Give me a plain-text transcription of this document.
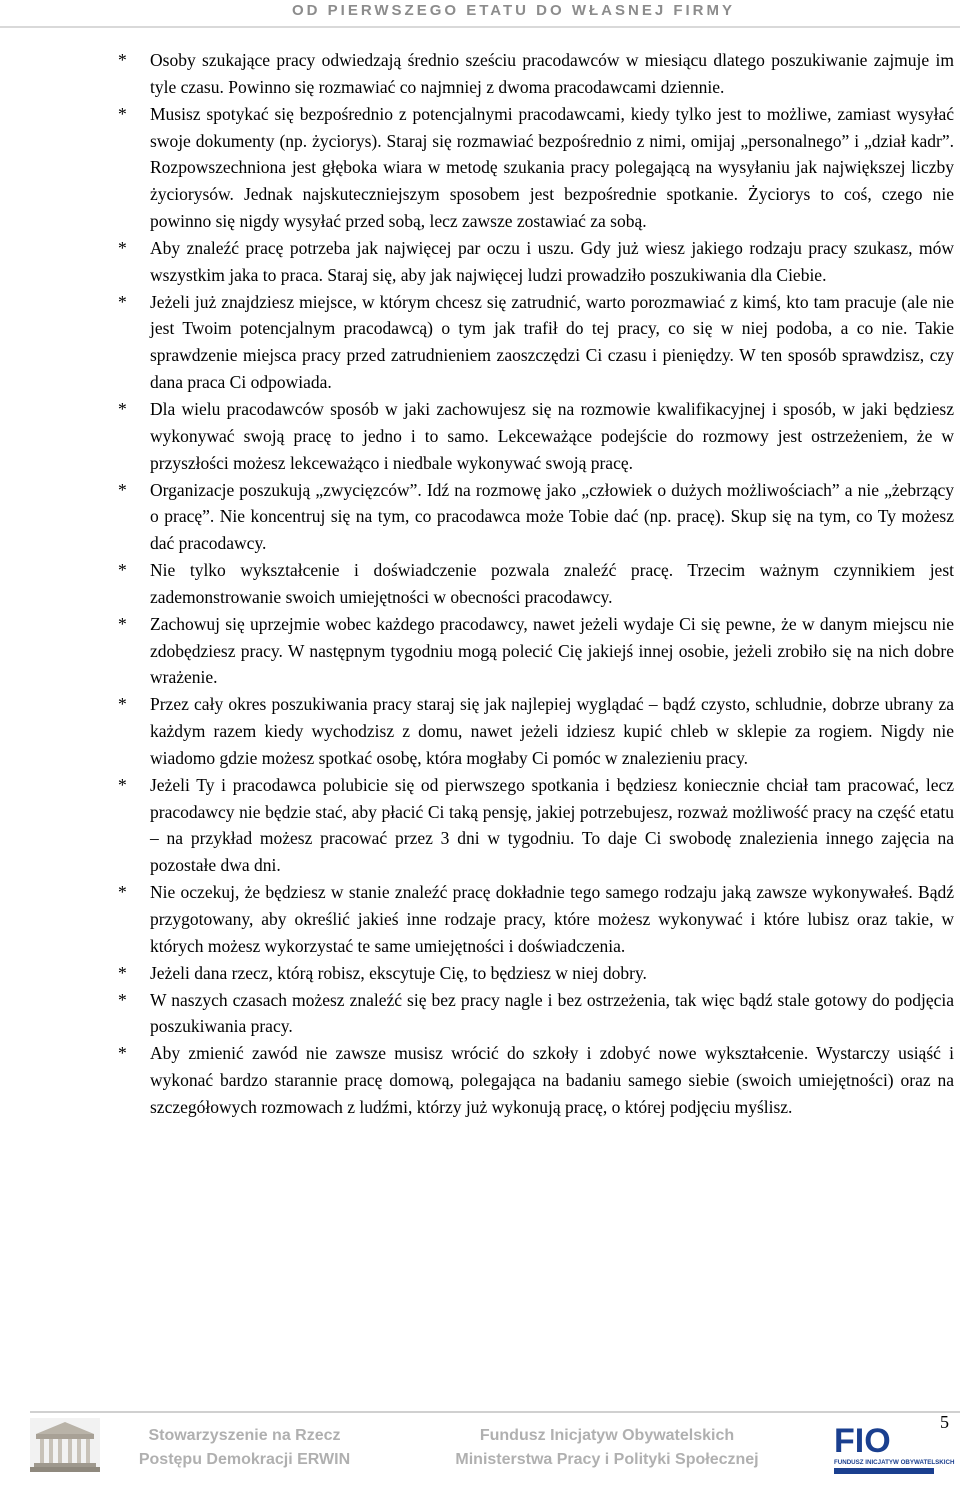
OD PIERWSZEGO ETATU DO WŁASNEJ FIRMY
* Osoby szukające pracy odwiedzają średnio sześciu pracodawców w miesiącu dlatego poszukiwanie zajmuje im tyle czasu. Powinno się rozmawiać co najmniej z dwoma pracodawcami dziennie.
* Musisz spotykać się bezpośrednio z potencjalnymi pracodawcami, kiedy tylko jest to możliwe, zamiast wysyłać swoje dokumenty (np. życiorys). Staraj się rozmawiać bezpośrednio z nimi, omijaj „personalnego” i „dział kadr”. Rozpowszechniona jest głęboka wiara w metodę szukania pracy polegającą na wysyłaniu jak największej liczby życiorysów. Jednak najskuteczniejszym sposobem jest bezpośrednie spotkanie. Życiorys to coś, czego nie powinno się nigdy wysyłać przed sobą, lecz zawsze zostawiać za sobą.
* Aby znaleźć pracę potrzeba jak najwięcej par oczu i uszu. Gdy już wiesz jakiego rodzaju pracy szukasz, mów wszystkim jaka to praca. Staraj się, aby jak najwięcej ludzi prowadziło poszukiwania dla Ciebie.
* Jeżeli już znajdziesz miejsce, w którym chcesz się zatrudnić, warto porozmawiać z kimś, kto tam pracuje (ale nie jest Twoim potencjalnym pracodawcą) o tym jak trafił do tej pracy, co się w niej podoba, a co nie. Takie sprawdzenie miejsca pracy przed zatrudnieniem zaoszczędzi Ci czasu i pieniędzy. W ten sposób sprawdzisz, czy dana praca Ci odpowiada.
* Dla wielu pracodawców sposób w jaki zachowujesz się na rozmowie kwalifikacyjnej i sposób, w jaki będziesz wykonywać swoją pracę to jedno i to samo. Lekceważące podejście do rozmowy jest ostrzeżeniem, że w przyszłości możesz lekceważąco i niedbale wykonywać swoją pracę.
* Organizacje poszukują „zwycięzców”. Idź na rozmowę jako „człowiek o dużych możliwościach” a nie „żebrzący o pracę”. Nie koncentruj się na tym, co pracodawca może Tobie dać (np. pracę). Skup się na tym, co Ty możesz dać pracodawcy.
* Nie tylko wykształcenie i doświadczenie pozwala znaleźć pracę. Trzecim ważnym czynnikiem jest zademonstrowanie swoich umiejętności w obecności pracodawcy.
* Zachowuj się uprzejmie wobec każdego pracodawcy, nawet jeżeli wydaje Ci się pewne, że w danym miejscu nie zdobędziesz pracy. W następnym tygodniu mogą polecić Cię jakiejś innej osobie, jeżeli zrobiło się na nich dobre wrażenie.
* Przez cały okres poszukiwania pracy staraj się jak najlepiej wyglądać – bądź czysto, schludnie, dobrze ubrany za każdym razem kiedy wychodzisz z domu, nawet jeżeli idziesz kupić chleb w sklepie za rogiem. Nigdy nie wiadomo gdzie możesz spotkać osobę, która mogłaby Ci pomóc w znalezieniu pracy.
* Jeżeli Ty i pracodawca polubicie się od pierwszego spotkania i będziesz koniecznie chciał tam pracować, lecz pracodawcy nie będzie stać, aby płacić Ci taką pensję, jakiej potrzebujesz, rozważ możliwość pracy na część etatu – na przykład możesz pracować przez 3 dni w tygodniu. To daje Ci swobodę znalezienia innego zajęcia na pozostałe dwa dni.
* Nie oczekuj, że będziesz w stanie znaleźć pracę dokładnie tego samego rodzaju jaką zawsze wykonywałeś. Bądź przygotowany, aby określić jakieś inne rodzaje pracy, które możesz wykonywać i które lubisz oraz takie, w których możesz wykorzystać te same umiejętności i doświadczenia.
* Jeżeli dana rzecz, którą robisz, ekscytuje Cię, to będziesz w niej dobry.
* W naszych czasach możesz znaleźć się bez pracy nagle i bez ostrzeżenia, tak więc bądź stale gotowy do podjęcia poszukiwania pracy.
* Aby zmienić zawód nie zawsze musisz wrócić do szkoły i zdobyć nowe wykształcenie. Wystarczy usiąść i wykonać bardzo starannie pracę domową, polegająca na badaniu samego siebie (swoich umiejętności) oraz na szczegółowych rozmowach z ludźmi, którzy już wykonują pracę, o której podjęciu myślisz.
Stowarzyszenie na Rzecz
Postępu Demokracji ERWIN
Fundusz Inicjatyw Obywatelskich
Ministerstwa Pracy i Polityki Społecznej	FIO
FUNDUSZ INICJATYW OBYWATELSKICH
5
